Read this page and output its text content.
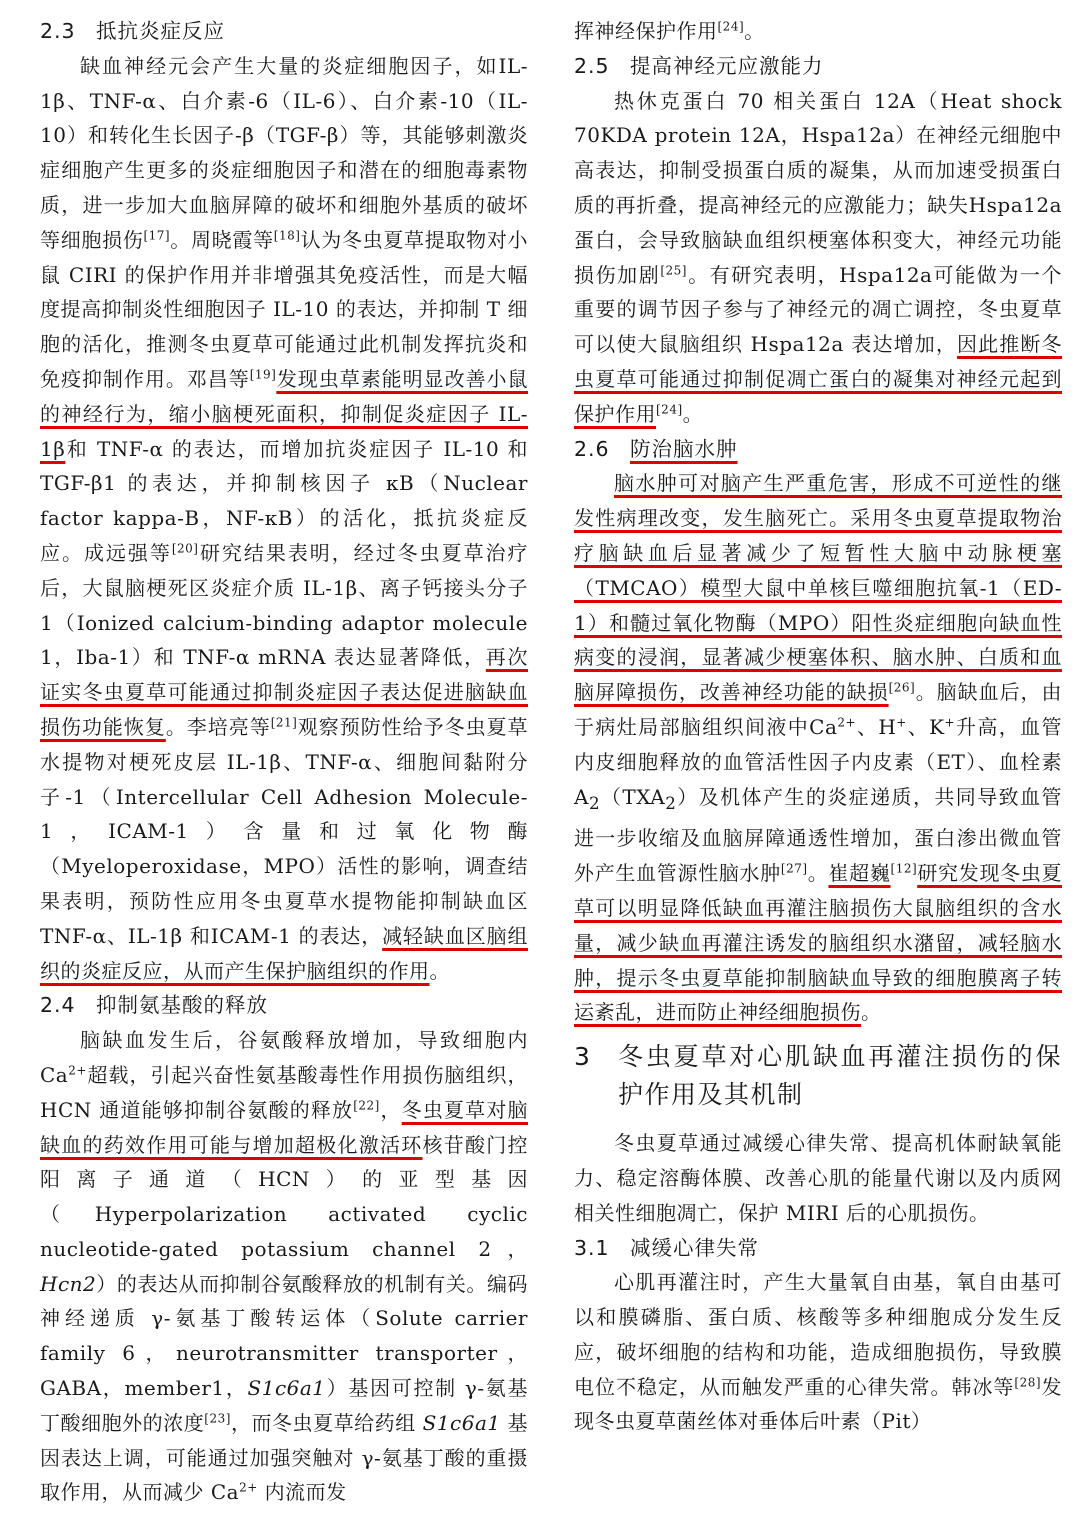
2.3 抵抗炎症反应

缺血神经元会产生大量的炎症细胞因子，如IL-1β、TNF-α、白介素-6（IL-6）、白介素-10（IL-10）和转化生长因子-β（TGF-β）等，其能够刺激炎症细胞产生更多的炎症细胞因子和潜在的细胞毒素物质，进一步加大血脑屏障的破坏和细胞外基质的破坏等细胞损伤[17]。周晓霞等[18]认为冬虫夏草提取物对小鼠 CIRI 的保护作用并非增强其免疫活性，而是大幅度提高抑制炎性细胞因子 IL-10 的表达，并抑制 T 细胞的活化，推测冬虫夏草可能通过此机制发挥抗炎和免疫抑制作用。邓昌等[19]发现虫草素能明显改善小鼠的神经行为，缩小脑梗死面积，抑制促炎症因子 IL-1β和 TNF-α 的表达，而增加抗炎症因子 IL-10 和TGF-β1 的表达，并抑制核因子 κB（Nuclear factor kappa-B，NF-κB）的活化，抵抗炎症反应。成远强等[20]研究结果表明，经过冬虫夏草治疗后，大鼠脑梗死区炎症介质 IL-1β、离子钙接头分子 1（Ionized calcium-binding adaptor molecule 1，Iba-1）和 TNF-α mRNA 表达显著降低，再次证实冬虫夏草可能通过抑制炎症因子表达促进脑缺血损伤功能恢复。李培亮等[21]观察预防性给予冬虫夏草水提物对梗死皮层 IL-1β、TNF-α、细胞间黏附分子-1（Intercellular Cell Adhesion Molecule-1，ICAM-1）含量和过氧化物酶（Myeloperoxidase，MPO）活性的影响，调查结果表明，预防性应用冬虫夏草水提物能抑制缺血区 TNF-α、IL-1β 和ICAM-1 的表达，减轻缺血区脑组织的炎症反应，从而产生保护脑组织的作用。

2.4 抑制氨基酸的释放

脑缺血发生后，谷氨酸释放增加，导致细胞内$Ca^{2+}$超载，引起兴奋性氨基酸毒性作用损伤脑组织，HCN 通道能够抑制谷氨酸的释放[22]，冬虫夏草对脑缺血的药效作用可能与增加超极化激活环核苷酸门控阳离子通道（HCN）的亚型基因（Hyperpolarization activated cyclic nucleotide-gated potassium channel 2，Hcn2）的表达从而抑制谷氨酸释放的机制有关。编码神经递质 γ-氨基丁酸转运体（Solute carrier family 6，neurotransmitter transporter，GABA，member1，S1c6a1）基因可控制 γ-氨基丁酸细胞外的浓度[23]，而冬虫夏草给药组 S1c6a1 基因表达上调，可能通过加强突触对 γ-氨基丁酸的重摄取作用，从而减少 $Ca^{2+}$ 内流而发

挥神经保护作用[24]。

2.5 提高神经元应激能力

热休克蛋白 70 相关蛋白 12A（Heat shock 70KDA protein 12A，Hspa12a）在神经元细胞中高表达，抑制受损蛋白质的凝集，从而加速受损蛋白质的再折叠，提高神经元的应激能力；缺失Hspa12a 蛋白，会导致脑缺血组织梗塞体积变大，神经元功能损伤加剧[25]。有研究表明，Hspa12a可能做为一个重要的调节因子参与了神经元的凋亡调控，冬虫夏草可以使大鼠脑组织 Hspa12a 表达增加，因此推断冬虫夏草可能通过抑制促凋亡蛋白的凝集对神经元起到保护作用[24]。

2.6 防治脑水肿

脑水肿可对脑产生严重危害，形成不可逆性的继发性病理改变，发生脑死亡。采用冬虫夏草提取物治疗脑缺血后显著减少了短暂性大脑中动脉梗塞（TMCAO）模型大鼠中单核巨噬细胞抗氧-1（ED-1）和髓过氧化物酶（MPO）阳性炎症细胞向缺血性病变的浸润，显著减少梗塞体积、脑水肿、白质和血脑屏障损伤，改善神经功能的缺损[26]。脑缺血后，由于病灶局部脑组织间液中$Ca^{2+}$、H+、K+升高，血管内皮细胞释放的血管活性因子内皮素（ET）、血栓素 $A_2(TXA_2)$及机体产生的炎症递质，共同导致血管进一步收缩及血脑屏障通透性增加，蛋白渗出微血管外产生血管源性脑水肿[27]。崔超巍[12]研究发现冬虫夏草可以明显降低缺血再灌注脑损伤大鼠脑组织的含水量，减少缺血再灌注诱发的脑组织水潴留，减轻脑水肿，提示冬虫夏草能抑制脑缺血导致的细胞膜离子转运紊乱，进而防止神经细胞损伤。

3	冬虫夏草对心肌缺血再灌注损伤的保护作用及其机制

冬虫夏草通过减缓心律失常、提高机体耐缺氧能力、稳定溶酶体膜、改善心肌的能量代谢以及内质网相关性细胞凋亡，保护 MIRI 后的心肌损伤。

3.1 减缓心律失常

心肌再灌注时，产生大量氧自由基，氧自由基可以和膜磷脂、蛋白质、核酸等多种细胞成分发生反应，破坏细胞的结构和功能，造成细胞损伤，导致膜电位不稳定，从而触发严重的心律失常。韩冰等[28]发现冬虫夏草菌丝体对垂体后叶素（Pit）
